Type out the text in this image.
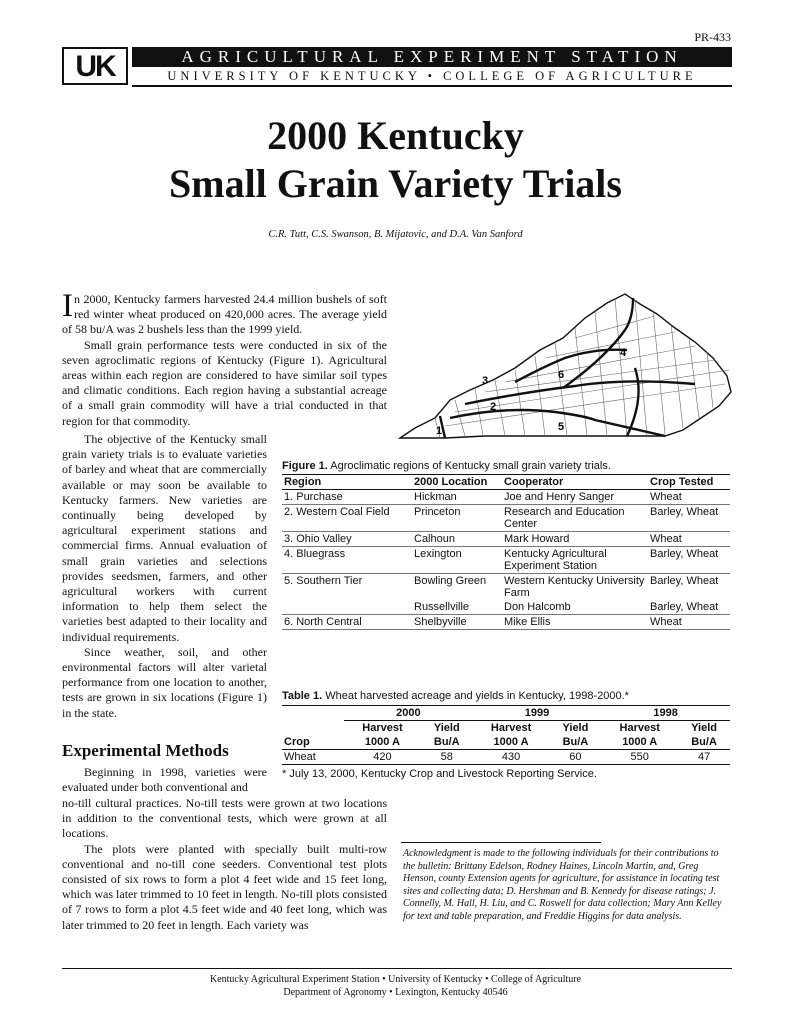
PR-433
UK	AGRICULTURAL EXPERIMENT STATION
UNIVERSITY OF KENTUCKY • COLLEGE OF AGRICULTURE
2000 Kentucky
Small Grain Variety Trials
C.R. Tutt, C.S. Swanson, B. Mijatovic, and D.A. Van Sanford

In 2000, Kentucky farmers harvested 24.4 million bushels of soft red winter wheat produced on 420,000 acres. The average yield of 58 bu/A was 2 bushels less than the 1999 yield.

Small grain performance tests were conducted in six of the seven agroclimatic regions of Kentucky (Figure 1). Agricultural areas within each region are considered to have similar soil types and climatic conditions. Each region having a substantial acreage of a small grain commodity will have a trial conducted in that region for that commodity.

The objective of the Kentucky small grain variety trials is to evaluate varieties of barley and wheat that are commercially available or may soon be available to Kentucky farmers. New varieties are continually being developed by agricultural experiment stations and commercial firms. Annual evaluation of small grain varieties and selections provides seedsmen, farmers, and other agricultural workers with current information to help them select the varieties best adapted to their locality and individual requirements.

Since weather, soil, and other environmental factors will alter varietal performance from one location to another, tests are grown in six locations (Figure 1) in the state.

Experimental Methods

Beginning in 1998, varieties were evaluated under both conventional and

no-till cultural practices. No-till tests were grown at two locations in addition to the conventional tests, which were grown at all locations.

The plots were planted with specially built multi-row conventional and no-till cone seeders. Conventional test plots consisted of six rows to form a plot 4 feet wide and 15 feet long, which was later trimmed to 10 feet in length. No-till plots consisted of 7 rows to form a plot 4.5 feet wide and 40 feet long, which was later trimmed to 20 feet in length. Each variety was

1
2
3
4
5
6
Figure 1. Agroclimatic regions of Kentucky small grain variety trials.
Region	2000 Location	Cooperator	Crop Tested
1. Purchase	Hickman	Joe and Henry Sanger	Wheat
2. Western Coal Field	Princeton	Research and Education Center	Barley, Wheat
3. Ohio Valley	Calhoun	Mark Howard	Wheat
4. Bluegrass	Lexington	Kentucky Agricultural Experiment Station	Barley, Wheat
5. Southern Tier	Bowling Green	Western Kentucky University Farm	Barley, Wheat
	Russellville	Don Halcomb	Barley, Wheat
6. North Central	Shelbyville	Mike Ellis	Wheat
Table 1. Wheat harvested acreage and yields in Kentucky, 1998-2000.*
	2000		1999		1998	
	Harvest	Yield	Harvest	Yield	Harvest	Yield
Crop	1000 A	Bu/A	1000 A	Bu/A	1000 A	Bu/A
Wheat	420	58	430	60	550	47
* July 13, 2000, Kentucky Crop and Livestock Reporting Service.
Acknowledgment is made to the following individuals for their contributions to the bulletin: Brittany Edelson, Rodney Haines, Lincoln Martin, and, Greg Henson, county Extension agents for agriculture, for assistance in locating test sites and collecting data; D. Hershman and B. Kennedy for disease ratings; J. Connelly, M. Hall, H. Liu, and C. Roswell for data collection; Mary Ann Kelley for text and table preparation, and Freddie Higgins for data analysis.
Kentucky Agricultural Experiment Station • University of Kentucky • College of Agriculture
Department of Agronomy • Lexington, Kentucky 40546
